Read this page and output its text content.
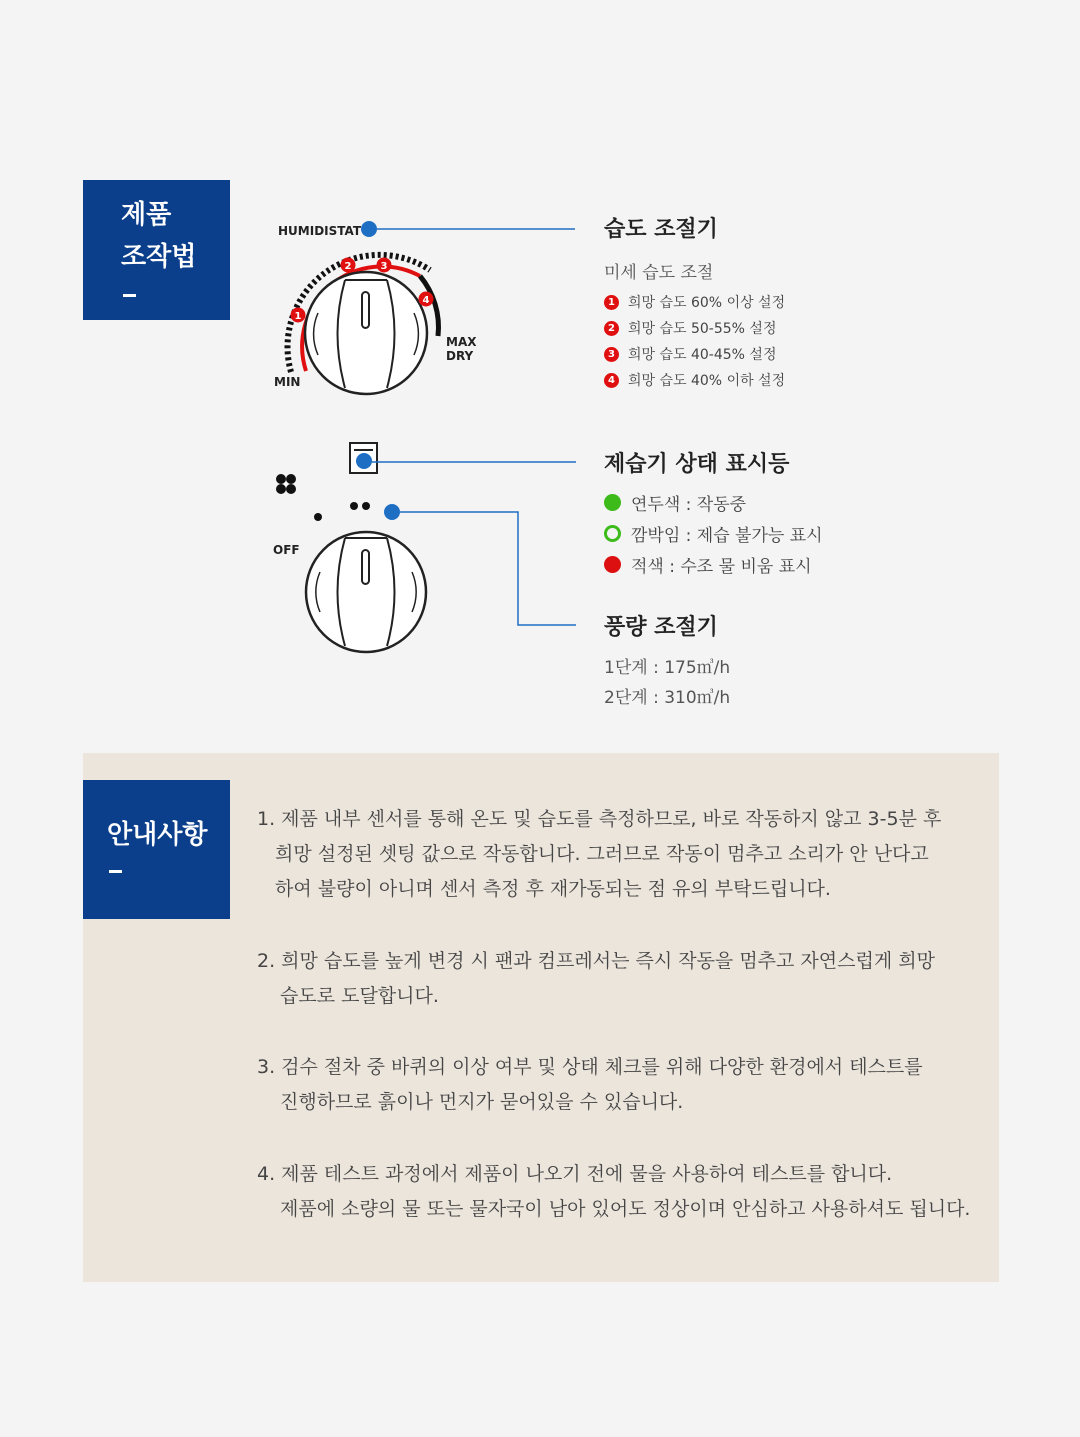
제품
조작법
HUMIDISTAT
1
2	3
4
MIN
MAX
DRY
OFF
습도 조절기
미세 습도 조절
1 희망 습도 60% 이상 설정
2 희망 습도 50-55% 설정
3 희망 습도 40-45% 설정
4 희망 습도 40% 이하 설정
제습기 상태 표시등
연두색 : 작동중
깜박임 : 제습 불가능 표시
적색 : 수조 물 비움 표시
풍량 조절기
1단계 : 175㎥/h
2단계 : 310㎥/h
안내사항
1. 제품 내부 센서를 통해 온도 및 습도를 측정하므로, 바로 작동하지 않고 3-5분 후
희망 설정된 셋팅 값으로 작동합니다. 그러므로 작동이 멈추고 소리가 안 난다고
하여 불량이 아니며 센서 측정 후 재가동되는 점 유의 부탁드립니다.
2. 희망 습도를 높게 변경 시 팬과 컴프레서는 즉시 작동을 멈추고 자연스럽게 희망
습도로 도달합니다.
3. 검수 절차 중 바퀴의 이상 여부 및 상태 체크를 위해 다양한 환경에서 테스트를
진행하므로 흙이나 먼지가 묻어있을 수 있습니다.
4. 제품 테스트 과정에서 제품이 나오기 전에 물을 사용하여 테스트를 합니다.
제품에 소량의 물 또는 물자국이 남아 있어도 정상이며 안심하고 사용하셔도 됩니다.
